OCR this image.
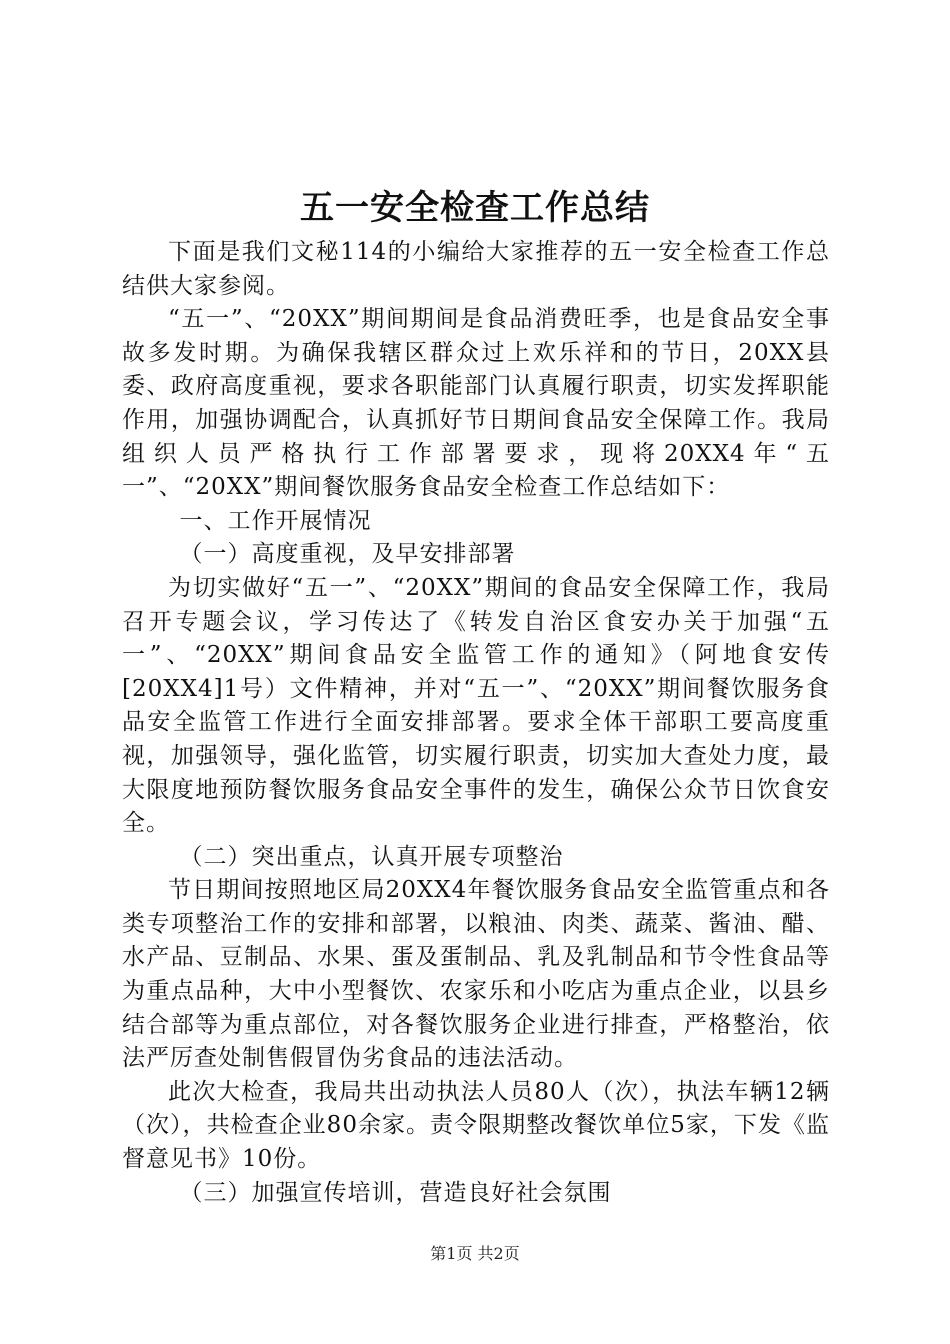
五一安全检查工作总结

下面是我们文秘114的小编给大家推荐的五一安全检查工作总结供大家参阅。

“五一”、“20XX”期间期间是食品消费旺季，也是食品安全事故多发时期。为确保我辖区群众过上欢乐祥和的节日，20XX县委、政府高度重视，要求各职能部门认真履行职责，切实发挥职能作用，加强协调配合，认真抓好节日期间食品安全保障工作。我局组织人员严格执行工作部署要求，现将20XX4年“五一”、“20XX”期间餐饮服务食品安全检查工作总结如下：

一、工作开展情况

（一）高度重视，及早安排部署

为切实做好“五一”、“20XX”期间的食品安全保障工作，我局召开专题会议，学习传达了《转发自治区食安办关于加强“五一”、“20XX”期间食品安全监管工作的通知》（阿地食安传[20XX4]1号）文件精神，并对“五一”、“20XX”期间餐饮服务食品安全监管工作进行全面安排部署。要求全体干部职工要高度重视，加强领导，强化监管，切实履行职责，切实加大查处力度，最大限度地预防餐饮服务食品安全事件的发生，确保公众节日饮食安全。

（二）突出重点，认真开展专项整治

节日期间按照地区局20XX4年餐饮服务食品安全监管重点和各类专项整治工作的安排和部署，以粮油、肉类、蔬菜、酱油、醋、水产品、豆制品、水果、蛋及蛋制品、乳及乳制品和节令性食品等为重点品种，大中小型餐饮、农家乐和小吃店为重点企业，以县乡结合部等为重点部位，对各餐饮服务企业进行排查，严格整治，依法严厉查处制售假冒伪劣食品的违法活动。

此次大检查，我局共出动执法人员80人（次），执法车辆12辆（次），共检查企业80余家。责令限期整改餐饮单位5家，下发《监督意见书》10份。

（三）加强宣传培训，营造良好社会氛围

第1页 共2页
